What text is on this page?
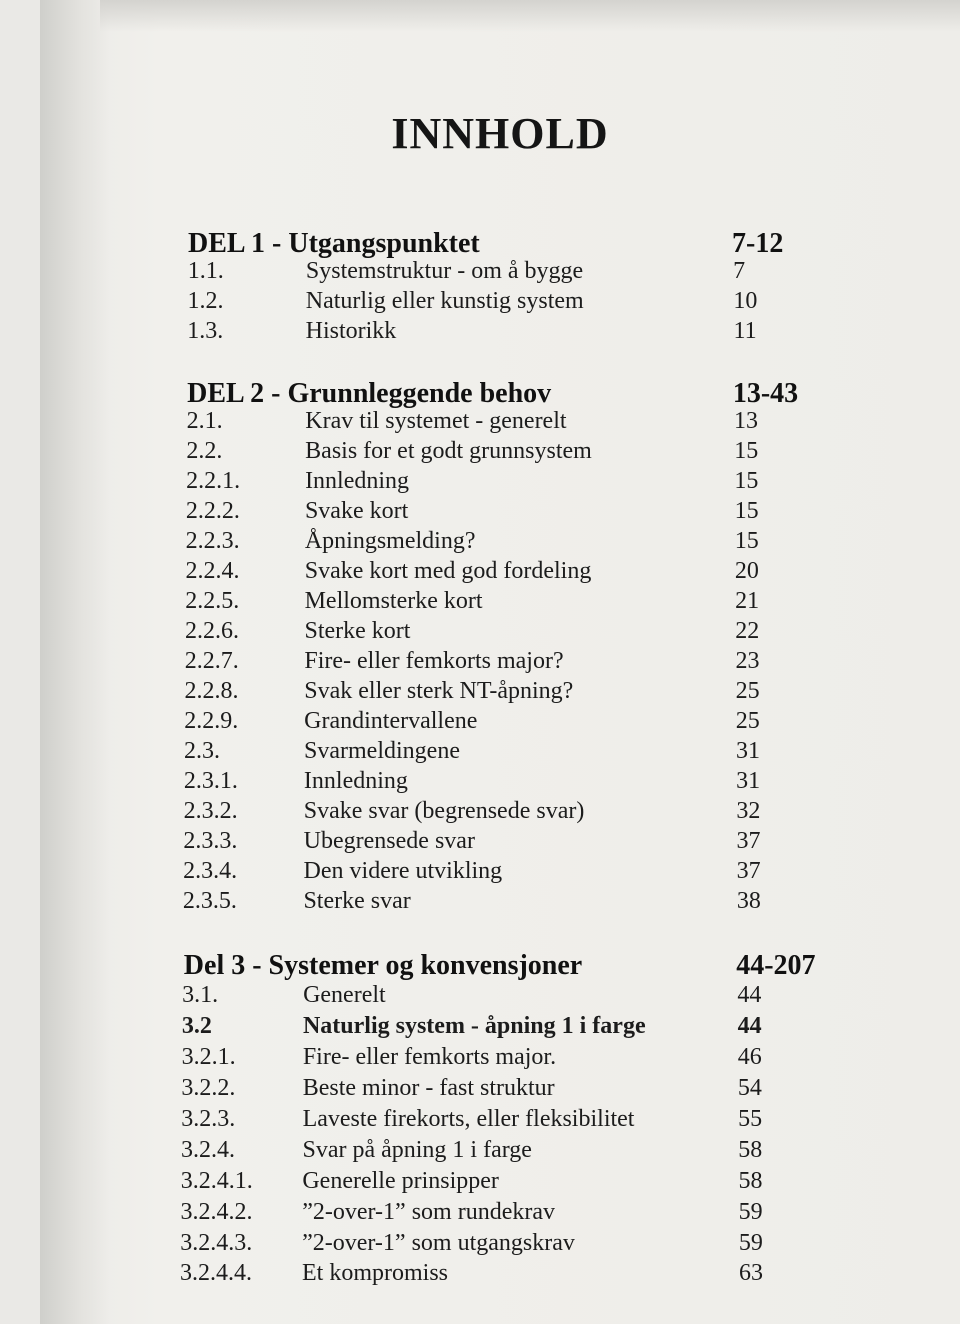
INNHOLD
DEL 1 - Utgangspunktet	7-12
1.1.	Systemstruktur - om å bygge	7
1.2.	Naturlig eller kunstig system	10
1.3.	Historikk	11
DEL 2 - Grunnleggende behov	13-43
2.1.	Krav til systemet - generelt	13
2.2.	Basis for et godt grunnsystem	15
2.2.1.	Innledning	15
2.2.2.	Svake kort	15
2.2.3.	Åpningsmelding?	15
2.2.4.	Svake kort med god fordeling	20
2.2.5.	Mellomsterke kort	21
2.2.6.	Sterke kort	22
2.2.7.	Fire- eller femkorts major?	23
2.2.8.	Svak eller sterk NT-åpning?	25
2.2.9.	Grandintervallene	25
2.3.	Svarmeldingene	31
2.3.1.	Innledning	31
2.3.2.	Svake svar (begrensede svar)	32
2.3.3.	Ubegrensede svar	37
2.3.4.	Den videre utvikling	37
2.3.5.	Sterke svar	38
Del 3 - Systemer og konvensjoner	44-207
3.1.	Generelt	44
3.2	Naturlig system - åpning 1 i farge	44
3.2.1.	Fire- eller femkorts major.	46
3.2.2.	Beste minor - fast struktur	54
3.2.3.	Laveste firekorts, eller fleksibilitet	55
3.2.4.	Svar på åpning 1 i farge	58
3.2.4.1. Generelle prinsipper	58
3.2.4.2. ”2-over-1” som rundekrav	59
3.2.4.3. ”2-over-1” som utgangskrav	59
3.2.4.4. Et kompromiss	63
